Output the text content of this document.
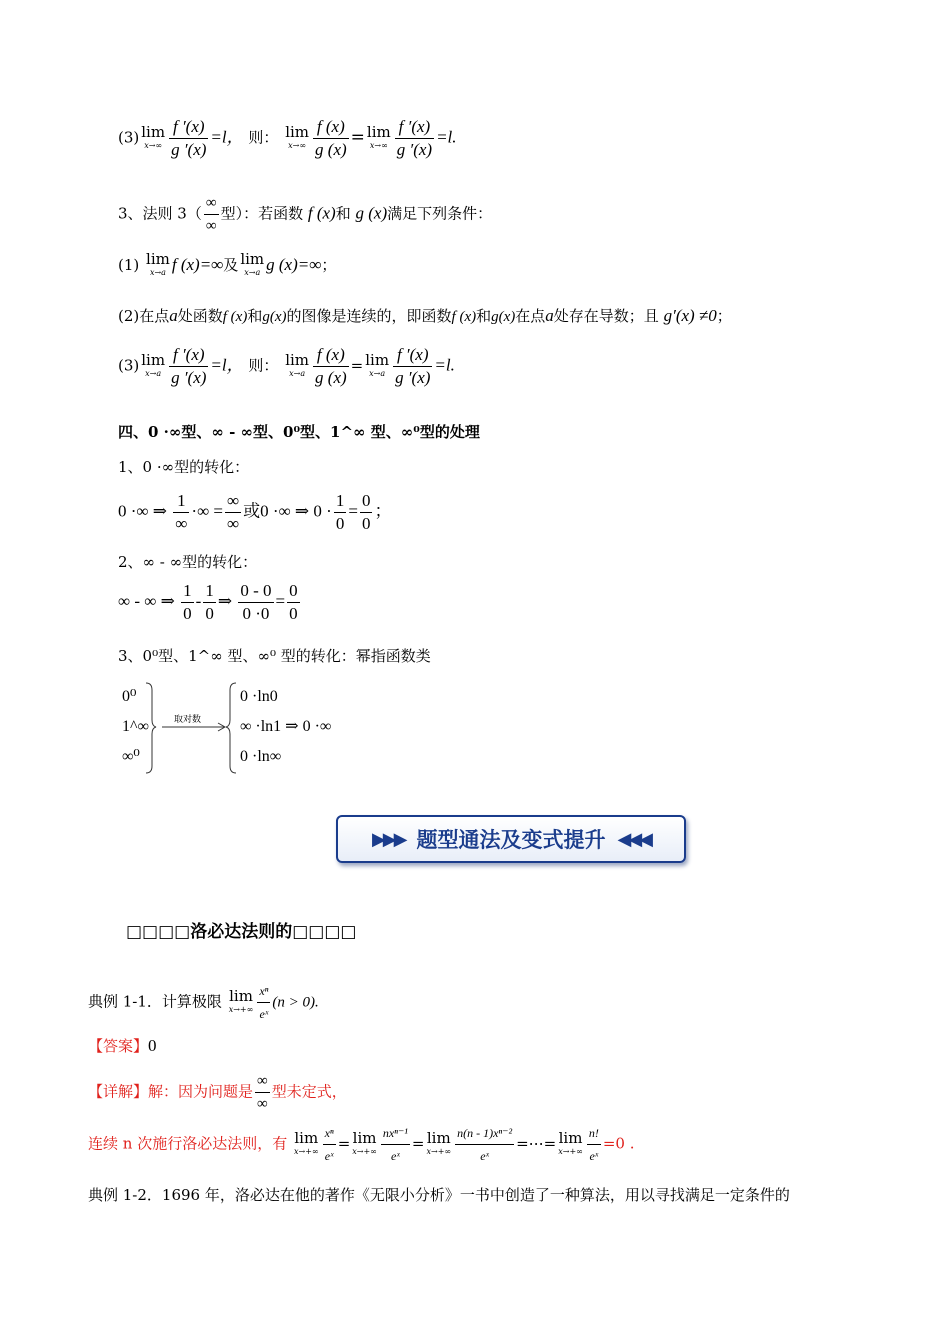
(3) lim
$x\to\infty \frac{f '(x)}{g '(x)} =l$， 则： lim
$x\to\infty \frac{f (x)}{g (x)} = \lim$
$x\to\infty \frac{f '(x)}{g '(x)} =l$.
3、法则 $3( \frac{\infty}{\infty}$ 型）：若函数 f (x)和 g (x)满足下列条件：
(1) lim
x→a f (x)=∞及 lim
x→a g (x)=∞；
(2)在点a处函数f (x)和g(x)的图像是连续的，即函数f (x)和g(x)在点a处存在导数；且 g′(x) ≠0；
(3) lim
$x\to a \frac{f '(x)}{g '(x)} =l$， 则： lim
$x\to a \frac{f (x)}{g (x)} = \lim$
$x\to a \frac{f '(x)}{g '(x)} =l$.
四、0 ·∞型、∞ - ∞型、0⁰型、1^∞ 型、∞⁰型的处理
1、0 ·∞型的转化：
0 ·∞ ⇒ $\frac{1}{\infty}$ ·∞ = $\frac{\infty}{\infty}$ 或0 ·∞ ⇒ $0 \cdot \frac{1}{0} = \frac{0}{0}$ ；
2、∞ - ∞型的转化：
∞ - ∞ ⇒ $\frac{1}{0} - \frac{1}{0}$ ⇒ $\frac{0 - 0}{0 \cdot 0} = \frac{0}{0}$
3、0⁰型、1^∞ 型、∞⁰ 型的转化：幂指函数类
0⁰
1^∞
∞⁰
取对数
0 ·ln0
∞ ·ln1 ⇒ 0 ·∞
0 ·ln∞
▶▶▶ 题型通法及变式提升 ◀◀◀
□□□□洛必达法则的□□□□
典例 1-1．计算极限 lim
$x\to+\infty \frac{\text{xⁿ}}{\text{eˣ}} (n > 0)$.
【答案】0
【详解】解：因为问题是 $\frac{\infty}{\infty}$ 型未定式，
连续 n 次施行洛必达法则，有 lim
$x\to+\infty \frac{\text{xⁿ}}{\text{eˣ}} = \lim$
$x\to+\infty \frac{\text{nxⁿ⁻¹}}{\text{eˣ}} = \lim$
$x\to+\infty \frac{\text{n(n - 1)xⁿ⁻²}}{\text{eˣ}}$ =⋯= lim
$x\to+\infty \frac{n!}{\text{eˣ}} =0$ .
典例 1-2．1696 年，洛必达在他的著作《无限小分析》一书中创造了一种算法，用以寻找满足一定条件的
